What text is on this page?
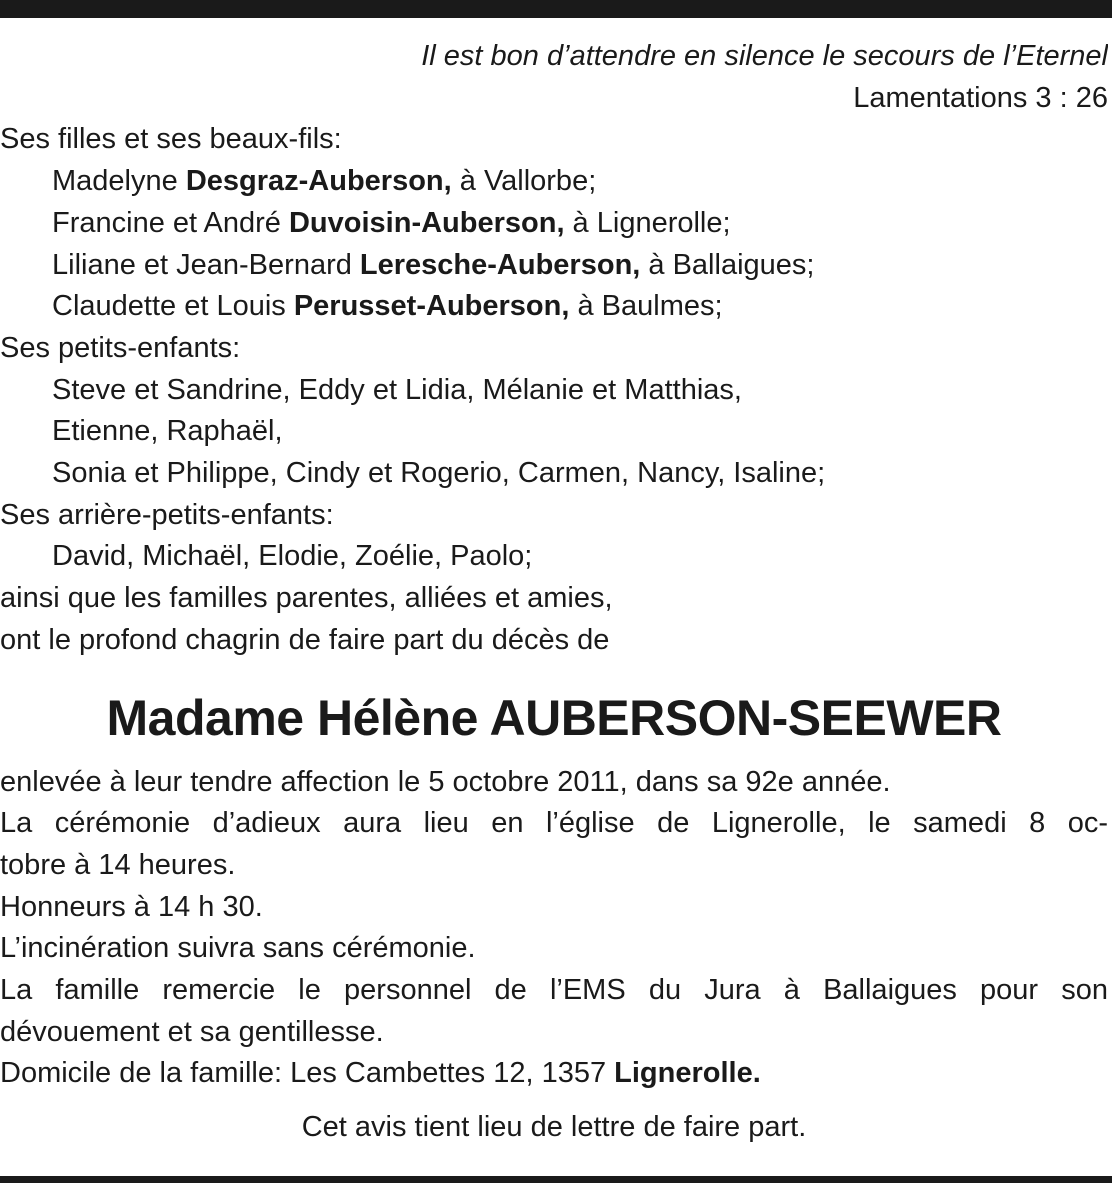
Il est bon d’attendre en silence le secours de l’Eternel
Lamentations 3 : 26
Ses filles et ses beaux-fils:
Madelyne Desgraz-Auberson, à Vallorbe;
Francine et André Duvoisin-Auberson, à Lignerolle;
Liliane et Jean-Bernard Leresche-Auberson, à Ballaigues;
Claudette et Louis Perusset-Auberson, à Baulmes;
Ses petits-enfants:
Steve et Sandrine, Eddy et Lidia, Mélanie et Matthias,
Etienne, Raphaël,
Sonia et Philippe, Cindy et Rogerio, Carmen, Nancy, Isaline;
Ses arrière-petits-enfants:
David, Michaël, Elodie, Zoélie, Paolo;
ainsi que les familles parentes, alliées et amies,
ont le profond chagrin de faire part du décès de
Madame Hélène AUBERSON-SEEWER
enlevée à leur tendre affection le 5 octobre 2011, dans sa 92e année.
La cérémonie d’adieux aura lieu en l’église de Lignerolle, le samedi 8 oc-
tobre à 14 heures.
Honneurs à 14 h 30.
L’incinération suivra sans cérémonie.
La famille remercie le personnel de l’EMS du Jura à Ballaigues pour son
dévouement et sa gentillesse.
Domicile de la famille: Les Cambettes 12, 1357 Lignerolle.
Cet avis tient lieu de lettre de faire part.
